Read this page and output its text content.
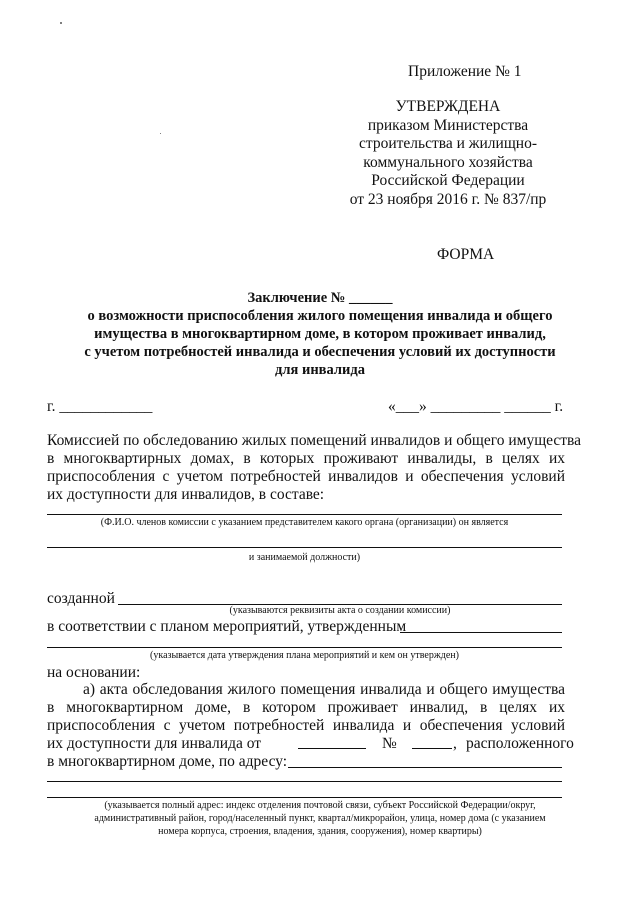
Приложение № 1
УТВЕРЖДЕНА
приказом Министерства
строительства и жилищно-
коммунального хозяйства
Российской Федерации
от 23 ноября 2016 г. № 837/пр
ФОРМА
Заключение № ______
о возможности приспособления жилого помещения инвалида и общего
имущества в многоквартирном доме, в котором проживает инвалид,
с учетом потребностей инвалида и обеспечения условий их доступности
для инвалида
г. ____________	«___» _________ ______ г.
Комиссией по обследованию жилых помещений инвалидов и общего имущества
в многоквартирных домах, в которых проживают инвалиды, в целях их
приспособления с учетом потребностей инвалидов и обеспечения условий
их доступности для инвалидов, в составе:
(Ф.И.О. членов комиссии с указанием представителем какого органа (организации) он является
и занимаемой должности)
созданной
(указываются реквизиты акта о создании комиссии)
в соответствии с планом мероприятий, утвержденным
(указывается дата утверждения плана мероприятий и кем он утвержден)
на основании:
а) акта обследования жилого помещения инвалида и общего имущества
в многоквартирном доме, в котором проживает инвалид, в целях их
приспособления с учетом потребностей инвалида и обеспечения условий
их доступности для инвалида от	№	, расположенного
в многоквартирном доме, по адресу:
(указывается полный адрес: индекс отделения почтовой связи, субъект Российской Федерации/округ,
административный район, город/населенный пункт, квартал/микрорайон, улица, номер дома (с указанием
номера корпуса, строения, владения, здания, сооружения), номер квартиры)
